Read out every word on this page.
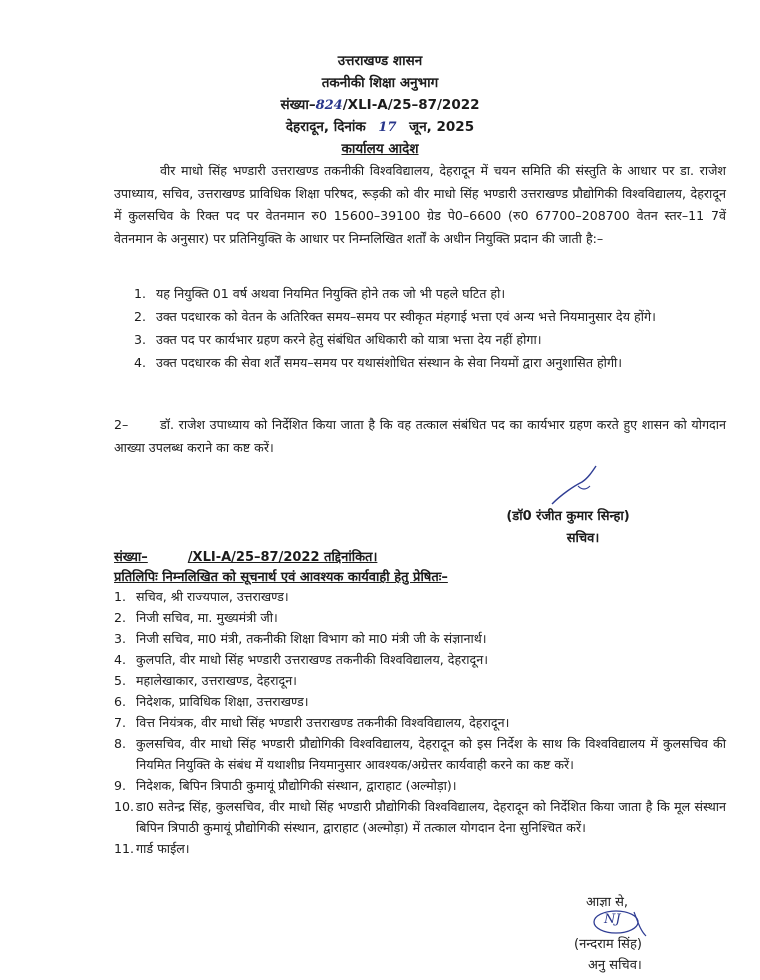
उत्तराखण्ड शासन
तकनीकी शिक्षा अनुभाग
संख्या–824/XLI-A/25–87/2022
देहरादून, दिनांक 17 जून, 2025
कार्यालय आदेश
वीर माधो सिंह भण्डारी उत्तराखण्ड तकनीकी विश्वविद्यालय, देहरादून में चयन समिति की संस्तुति के आधार पर डा. राजेश उपाध्याय, सचिव, उत्तराखण्ड प्राविधिक शिक्षा परिषद, रूड़की को वीर माधो सिंह भण्डारी उत्तराखण्ड प्रौद्योगिकी विश्वविद्यालय, देहरादून में कुलसचिव के रिक्त पद पर वेतनमान रु0 15600–39100 ग्रेड पे0–6600 (रु0 67700–208700 वेतन स्तर–11 7वें वेतनमान के अनुसार) पर प्रतिनियुक्ति के आधार पर निम्नलिखित शर्तों के अधीन नियुक्ति प्रदान की जाती है:–
1. यह नियुक्ति 01 वर्ष अथवा नियमित नियुक्ति होने तक जो भी पहले घटित हो।
2. उक्त पदधारक को वेतन के अतिरिक्त समय–समय पर स्वीकृत मंहगाई भत्ता एवं अन्य भत्ते नियमानुसार देय होंगे।
3. उक्त पद पर कार्यभार ग्रहण करने हेतु संबंधित अधिकारी को यात्रा भत्ता देय नहीं होगा।
4. उक्त पदधारक की सेवा शर्तें समय–समय पर यथासंशोधित संस्थान के सेवा नियमों द्वारा अनुशासित होगी।
2–	डॉ. राजेश उपाध्याय को निर्देशित किया जाता है कि वह तत्काल संबंधित पद का कार्यभार ग्रहण करते हुए शासन को योगदान आख्या उपलब्ध कराने का कष्ट करें।
(डॉ0 रंजीत कुमार सिन्हा)
सचिव।
संख्या–	/XLI-A/25–87/2022 तद्दिनांकित।
प्रतिलिपिः निम्नलिखित को सूचनार्थ एवं आवश्यक कार्यवाही हेतु प्रेषितः–
1. सचिव, श्री राज्यपाल, उत्तराखण्ड।
2. निजी सचिव, मा. मुख्यमंत्री जी।
3. निजी सचिव, मा0 मंत्री, तकनीकी शिक्षा विभाग को मा0 मंत्री जी के संज्ञानार्थ।
4. कुलपति, वीर माधो सिंह भण्डारी उत्तराखण्ड तकनीकी विश्वविद्यालय, देहरादून।
5. महालेखाकार, उत्तराखण्ड, देहरादून।
6. निदेशक, प्राविधिक शिक्षा, उत्तराखण्ड।
7. वित्त नियंत्रक, वीर माधो सिंह भण्डारी उत्तराखण्ड तकनीकी विश्वविद्यालय, देहरादून।
8. कुलसचिव, वीर माधो सिंह भण्डारी प्रौद्योगिकी विश्वविद्यालय, देहरादून को इस निर्देश के साथ कि विश्वविद्यालय में कुलसचिव की नियमित नियुक्ति के संबंध में यथाशीघ्र नियमानुसार आवश्यक/अग्रेत्तर कार्यवाही करने का कष्ट करें।
9. निदेशक, बिपिन त्रिपाठी कुमायूं प्रौद्योगिकी संस्थान, द्वाराहाट (अल्मोड़ा)।
10. डा0 सतेन्द्र सिंह, कुलसचिव, वीर माधो सिंह भण्डारी प्रौद्योगिकी विश्वविद्यालय, देहरादून को निर्देशित किया जाता है कि मूल संस्थान बिपिन त्रिपाठी कुमायूं प्रौद्योगिकी संस्थान, द्वाराहाट (अल्मोड़ा) में तत्काल योगदान देना सुनिश्चित करें।
11. गार्ड फाईल।
आज्ञा से,
NJ
(नन्दराम सिंह)
अनु सचिव।
